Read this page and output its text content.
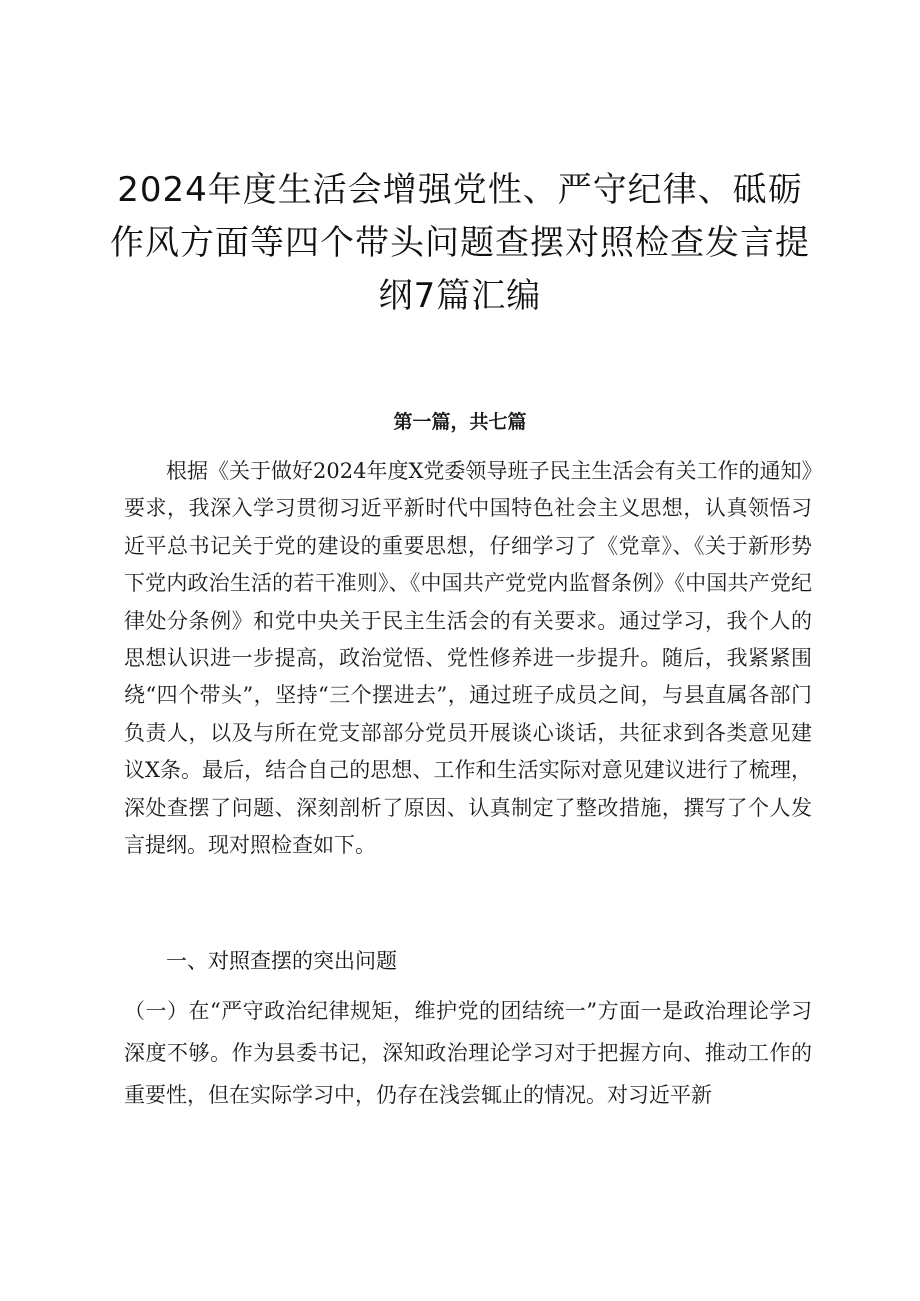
2024年度生活会增强党性、严守纪律、砥砺作风方面等四个带头问题查摆对照检查发言提纲7篇汇编
第一篇，共七篇

根据《关于做好2024年度X党委领导班子民主生活会有关工作的通知》要求，我深入学习贯彻习近平新时代中国特色社会主义思想，认真领悟习近平总书记关于党的建设的重要思想，仔细学习了《党章》、《关于新形势下党内政治生活的若干准则》、《中国共产党党内监督条例》《中国共产党纪律处分条例》和党中央关于民主生活会的有关要求。通过学习，我个人的思想认识进一步提高，政治觉悟、党性修养进一步提升。随后，我紧紧围绕“四个带头”，坚持“三个摆进去”，通过班子成员之间，与县直属各部门负责人，以及与所在党支部部分党员开展谈心谈话，共征求到各类意见建议X条。最后，结合自己的思想、工作和生活实际对意见建议进行了梳理，深处查摆了问题、深刻剖析了原因、认真制定了整改措施，撰写了个人发言提纲。现对照检查如下。

一、对照查摆的突出问题

（一）在“严守政治纪律规矩，维护党的团结统一”方面一是政治理论学习深度不够。作为县委书记，深知政治理论学习对于把握方向、推动工作的重要性，但在实际学习中，仍存在浅尝辄止的情况。对习近平新
